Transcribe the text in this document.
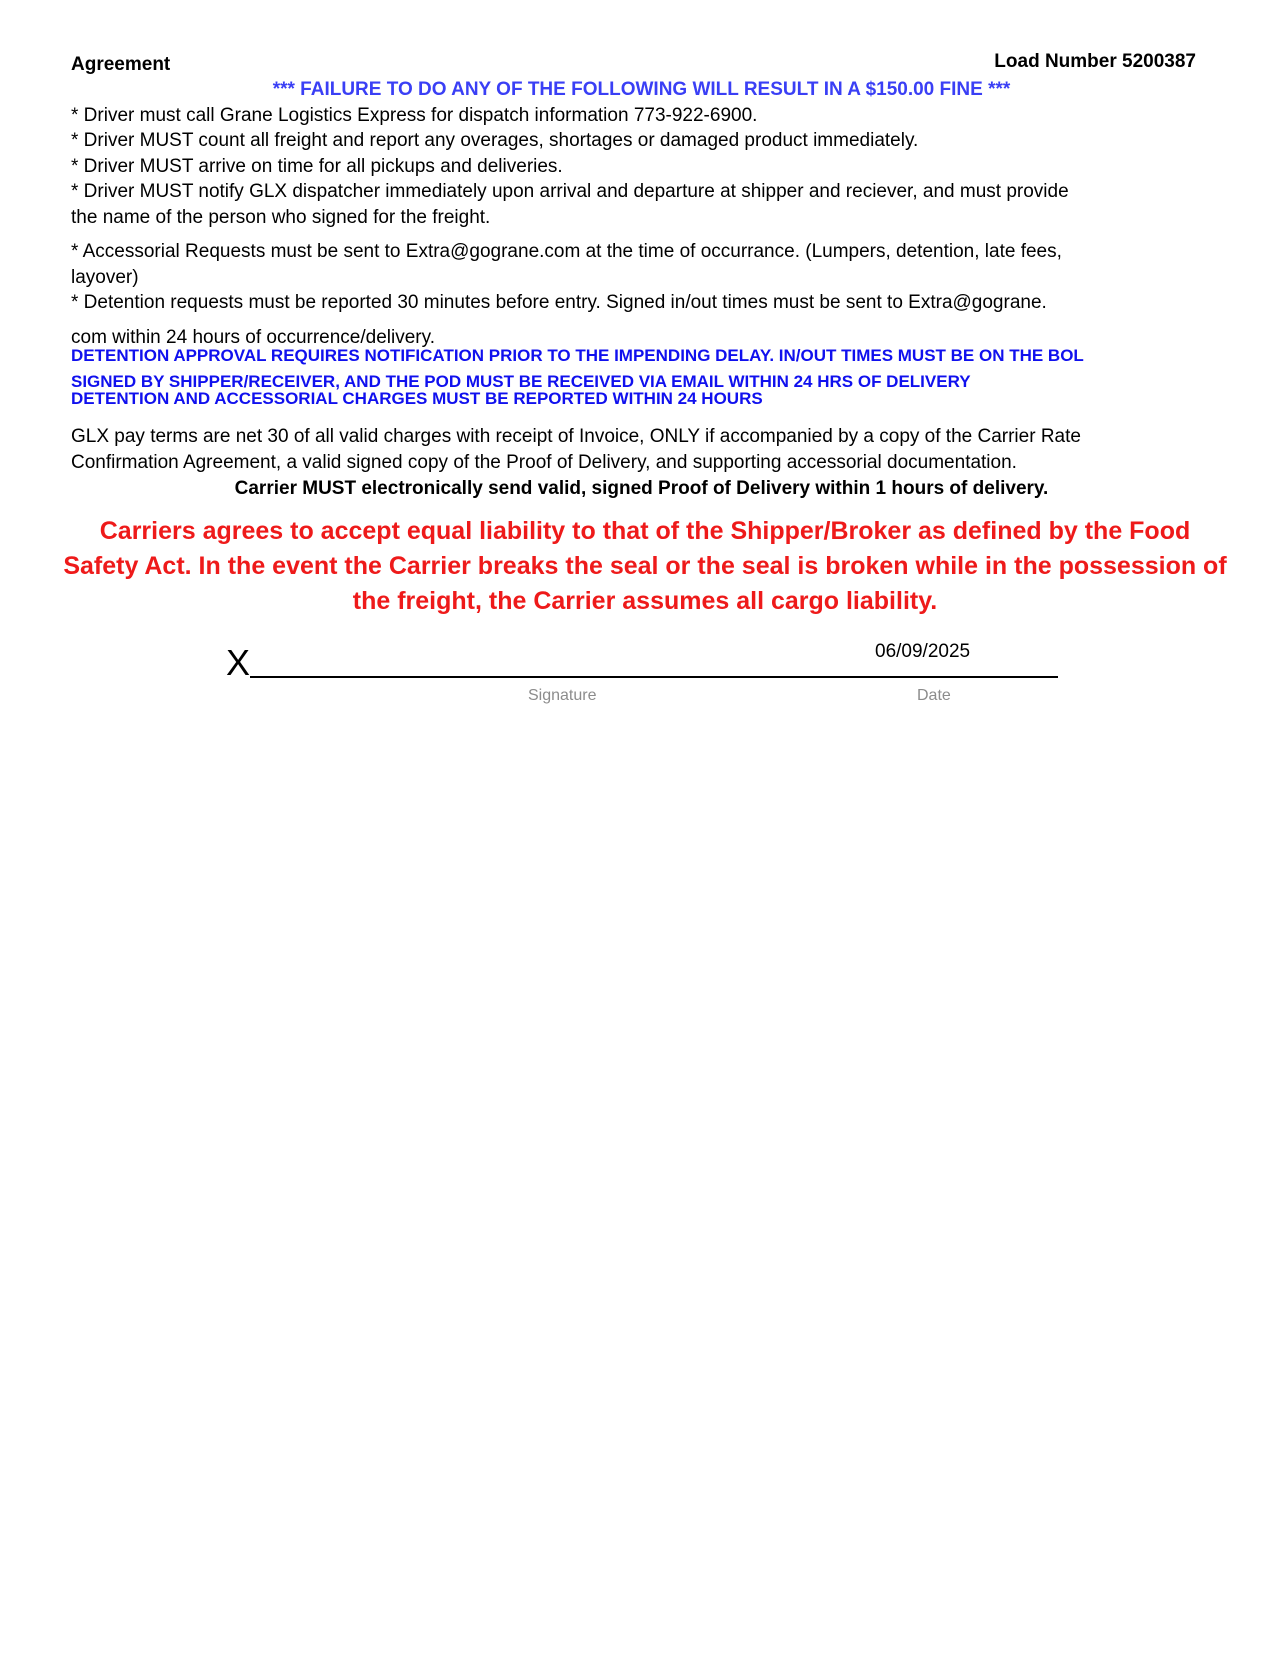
Agreement	Load Number 5200387
*** FAILURE TO DO ANY OF THE FOLLOWING WILL RESULT IN A $150.00 FINE ***
* Driver must call Grane Logistics Express for dispatch information 773-922-6900.
* Driver MUST count all freight and report any overages, shortages or damaged product immediately.
* Driver MUST arrive on time for all pickups and deliveries.
* Driver MUST notify GLX dispatcher immediately upon arrival and departure at shipper and reciever, and must provide
the name of the person who signed for the freight.
* Accessorial Requests must be sent to Extra@gograne.com at the time of occurrance. (Lumpers, detention, late fees,
layover)
* Detention requests must be reported 30 minutes before entry. Signed in/out times must be sent to Extra@gograne.
com within 24 hours of occurrence/delivery.
DETENTION APPROVAL REQUIRES NOTIFICATION PRIOR TO THE IMPENDING DELAY. IN/OUT TIMES MUST BE ON THE BOL
SIGNED BY SHIPPER/RECEIVER, AND THE POD MUST BE RECEIVED VIA EMAIL WITHIN 24 HRS OF DELIVERY
DETENTION AND ACCESSORIAL CHARGES MUST BE REPORTED WITHIN 24 HOURS
GLX pay terms are net 30 of all valid charges with receipt of Invoice, ONLY if accompanied by a copy of the Carrier Rate
Confirmation Agreement, a valid signed copy of the Proof of Delivery, and supporting accessorial documentation.
Carrier MUST electronically send valid, signed Proof of Delivery within 1 hours of delivery.
Carriers agrees to accept equal liability to that of the Shipper/Broker as defined by the Food Safety Act. In the event the Carrier breaks the seal or the seal is broken while in the possession of the freight, the Carrier assumes all cargo liability.
X	06/09/2025
Signature	Date
